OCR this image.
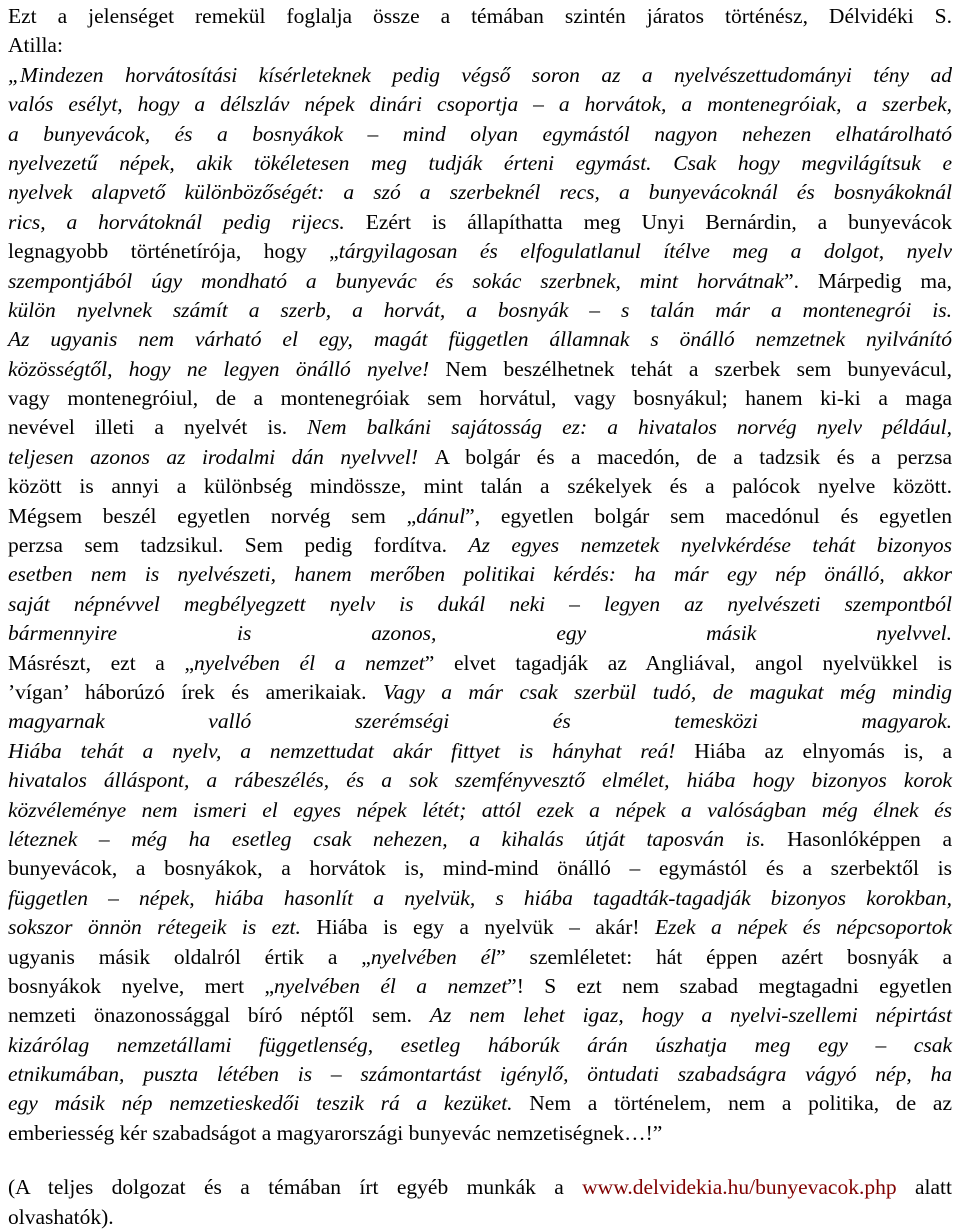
Ezt a jelenséget remekül foglalja össze a témában szintén járatos történész, Délvidéki S.
Atilla:
„Mindezen horvátosítási kísérleteknek pedig végső soron az a nyelvészettudományi tény ad
valós esélyt, hogy a délszláv népek dinári csoportja – a horvátok, a montenegróiak, a szerbek,
a bunyevácok, és a bosnyákok – mind olyan egymástól nagyon nehezen elhatárolható
nyelvezetű népek, akik tökéletesen meg tudják érteni egymást. Csak hogy megvilágítsuk e
nyelvek alapvető különbözőségét: a szó a szerbeknél recs, a bunyevácoknál és bosnyákoknál
rics, a horvátoknál pedig rijecs. Ezért is állapíthatta meg Unyi Bernárdin, a bunyevácok
legnagyobb történetírója, hogy „tárgyilagosan és elfogulatlanul ítélve meg a dolgot, nyelv
szempontjából úgy mondható a bunyevác és sokác szerbnek, mint horvátnak”. Márpedig ma,
külön nyelvnek számít a szerb, a horvát, a bosnyák – s talán már a montenegrói is.
Az ugyanis nem várható el egy, magát független államnak s önálló nemzetnek nyilvánító
közösségtől, hogy ne legyen önálló nyelve! Nem beszélhetnek tehát a szerbek sem bunyevácul,
vagy montenegróiul, de a montenegróiak sem horvátul, vagy bosnyákul; hanem ki-ki a maga
nevével illeti a nyelvét is. Nem balkáni sajátosság ez: a hivatalos norvég nyelv például,
teljesen azonos az irodalmi dán nyelvvel! A bolgár és a macedón, de a tadzsik és a perzsa
között is annyi a különbség mindössze, mint talán a székelyek és a palócok nyelve között.
Mégsem beszél egyetlen norvég sem „dánul”, egyetlen bolgár sem macedónul és egyetlen
perzsa sem tadzsikul. Sem pedig fordítva. Az egyes nemzetek nyelvkérdése tehát bizonyos
esetben nem is nyelvészeti, hanem merőben politikai kérdés: ha már egy nép önálló, akkor
saját népnévvel megbélyegzett nyelv is dukál neki – legyen az nyelvészeti szempontból
bármennyire is azonos, egy másik nyelvvel.
Másrészt, ezt a „nyelvében él a nemzet” elvet tagadják az Angliával, angol nyelvükkel is
’vígan’ háborúzó írek és amerikaiak. Vagy a már csak szerbül tudó, de magukat még mindig
magyarnak valló szerémségi és temesközi magyarok.
Hiába tehát a nyelv, a nemzettudat akár fittyet is hányhat reá! Hiába az elnyomás is, a
hivatalos álláspont, a rábeszélés, és a sok szemfényvesztő elmélet, hiába hogy bizonyos korok
közvéleménye nem ismeri el egyes népek létét; attól ezek a népek a valóságban még élnek és
léteznek – még ha esetleg csak nehezen, a kihalás útját taposván is. Hasonlóképpen a
bunyevácok, a bosnyákok, a horvátok is, mind-mind önálló – egymástól és a szerbektől is
független – népek, hiába hasonlít a nyelvük, s hiába tagadták-tagadják bizonyos korokban,
sokszor önnön rétegeik is ezt. Hiába is egy a nyelvük – akár! Ezek a népek és népcsoportok
ugyanis másik oldalról értik a „nyelvében él” szemléletet: hát éppen azért bosnyák a
bosnyákok nyelve, mert „nyelvében él a nemzet”! S ezt nem szabad megtagadni egyetlen
nemzeti önazonossággal bíró néptől sem. Az nem lehet igaz, hogy a nyelvi-szellemi népirtást
kizárólag nemzetállami függetlenség, esetleg háborúk árán úszhatja meg egy – csak
etnikumában, puszta létében is – számontartást igénylő, öntudati szabadságra vágyó nép, ha
egy másik nép nemzetieskedői teszik rá a kezüket. Nem a történelem, nem a politika, de az
emberiesség kér szabadságot a magyarországi bunyevác nemzetiségnek…!”
(A teljes dolgozat és a témában írt egyéb munkák a www.delvidekia.hu/bunyevacok.php alatt
olvashatók).
